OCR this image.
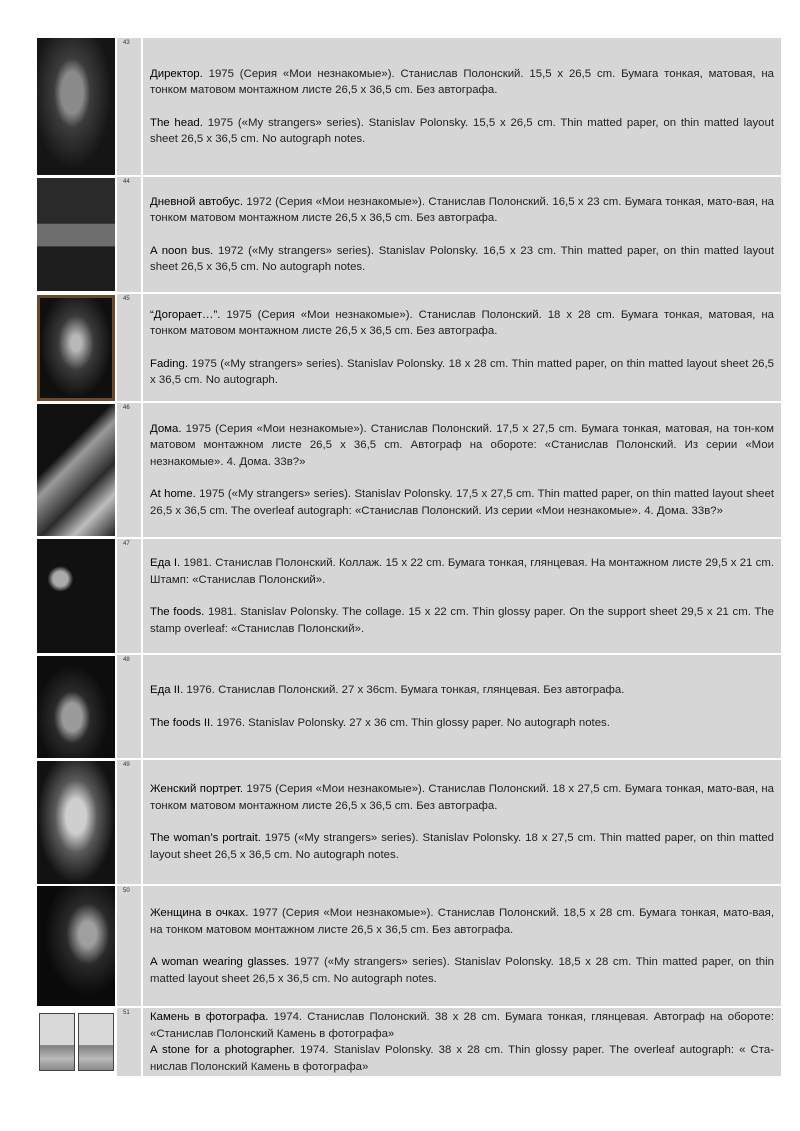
43

Директор. 1975 (Серия «Мои незнакомые»). Станислав Полонский. 15,5 х 26,5 cm. Бумага тонкая, матовая, на тонком матовом монтажном листе 26,5 х 36,5 cm. Без автографа.

The head. 1975 («My strangers» series). Stanislav Polonsky. 15,5 x 26,5 cm. Thin matted paper, on thin matted layout sheet 26,5 x 36,5 cm. No autograph notes.

44

Дневной автобус. 1972 (Серия «Мои незнакомые»). Станислав Полонский. 16,5 х 23 cm. Бумага тонкая, мато-вая, на тонком матовом монтажном листе 26,5 х 36,5 cm. Без автографа.

A noon bus. 1972 («My strangers» series). Stanislav Polonsky. 16,5 x 23 cm. Thin matted paper, on thin matted layout sheet 26,5 x 36,5 cm. No autograph notes.

45

“Догорает…”. 1975 (Серия «Мои незнакомые»). Станислав Полонский. 18 х 28 cm. Бумага тонкая, матовая, на тонком матовом монтажном листе 26,5 х 36,5 cm. Без автографа.

Fading. 1975 («My strangers» series). Stanislav Polonsky. 18 x 28 cm. Thin matted paper, on thin matted layout sheet 26,5 x 36,5 cm. No autograph.

46

Дома. 1975 (Серия «Мои незнакомые»). Станислав Полонский. 17,5 х 27,5 cm. Бумага тонкая, матовая, на тон-ком матовом монтажном листе 26,5 х 36,5 cm. Автограф на обороте: «Станислав Полонский. Из серии «Мои незнакомые». 4. Дома. 33в?»

At home. 1975 («My strangers» series). Stanislav Polonsky. 17,5 x 27,5 cm. Thin matted paper, on thin matted layout sheet 26,5 x 36,5 cm. The overleaf autograph: «Станислав Полонский. Из серии «Мои незнакомые». 4. Дома. 33в?»

47

Еда I. 1981. Станислав Полонский. Коллаж. 15 х 22 cm. Бумага тонкая, глянцевая. На монтажном листе 29,5 х 21 cm. Штамп: «Станислав Полонский».

The foods. 1981. Stanislav Polonsky. The collage. 15 x 22 cm. Thin glossy paper. On the support sheet 29,5 x 21 cm. The stamp overleaf: «Станислав Полонский».

48

Еда II. 1976. Станислав Полонский. 27 х 36cm. Бумага тонкая, глянцевая. Без автографа.

The foods II. 1976. Stanislav Polonsky. 27 x 36 cm. Thin glossy paper. No autograph notes.

49

Женский портрет. 1975 (Серия «Мои незнакомые»). Станислав Полонский. 18 х 27,5 cm. Бумага тонкая, мато-вая, на тонком матовом монтажном листе 26,5 х 36,5 cm. Без автографа.

The woman’s portrait. 1975 («My strangers» series). Stanislav Polonsky. 18 x 27,5 cm. Thin matted paper, on thin matted layout sheet 26,5 x 36,5 cm. No autograph notes.

50

Женщина в очках. 1977 (Серия «Мои незнакомые»). Станислав Полонский. 18,5 х 28 cm. Бумага тонкая, мато-вая, на тонком матовом монтажном листе 26,5 х 36,5 cm. Без автографа.

A woman wearing glasses. 1977 («My strangers» series). Stanislav Polonsky. 18,5 x 28 cm. Thin matted paper, on thin matted layout sheet 26,5 x 36,5 cm. No autograph notes.

51 Камень в фотографа. 1974. Станислав Полонский. 38 х 28 cm. Бумага тонкая, глянцевая. Автограф на обороте: «Станислав Полонский Камень в фотографа»

A stone for a photographer. 1974. Stanislav Polonsky. 38 x 28 cm. Thin glossy paper. The overleaf autograph: « Ста-нислав Полонский Камень в фотографа»
